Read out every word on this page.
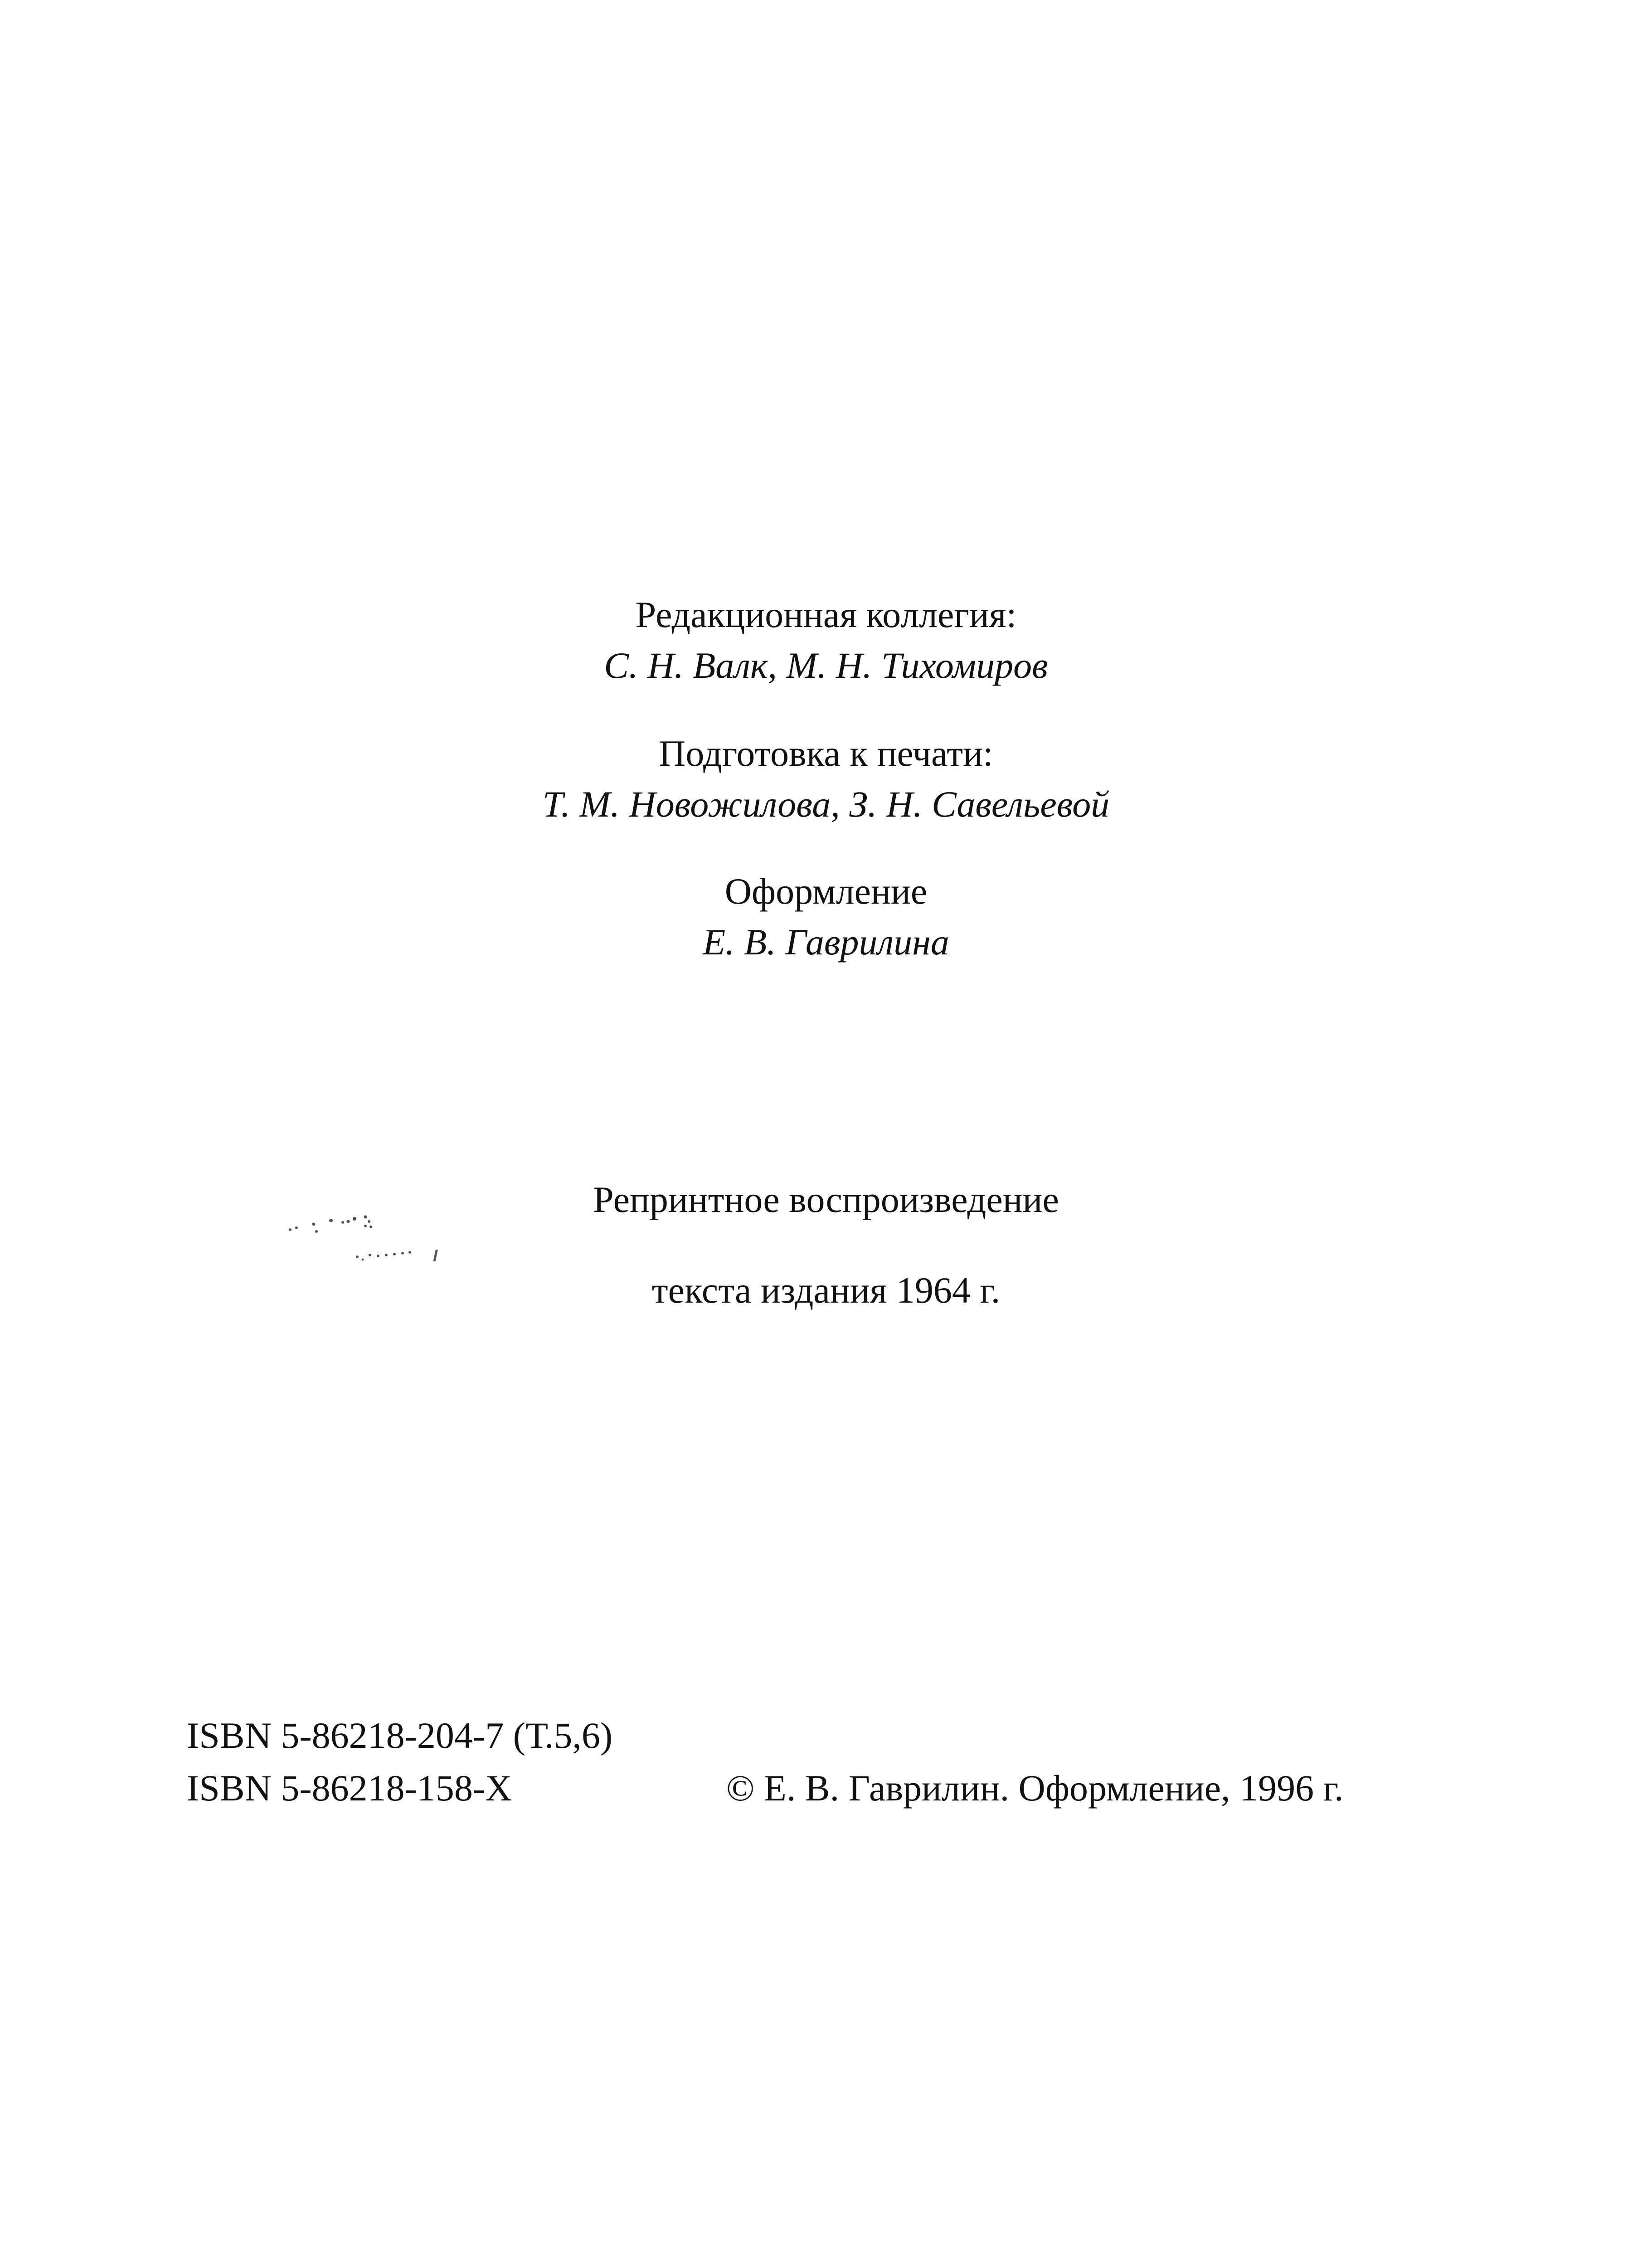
Редакционная коллегия:
С. Н. Валк, М. Н. Тихомиров
Подготовка к печати:
Т. М. Новожилова, З. Н. Савельевой
Оформление
Е. В. Гаврилина
Репринтное воспроизведение
текста издания 1964 г.
ISBN 5-86218-204-7 (Т.5,6)
ISBN 5-86218-158-X	© Е. В. Гаврилин. Оформление, 1996 г.
